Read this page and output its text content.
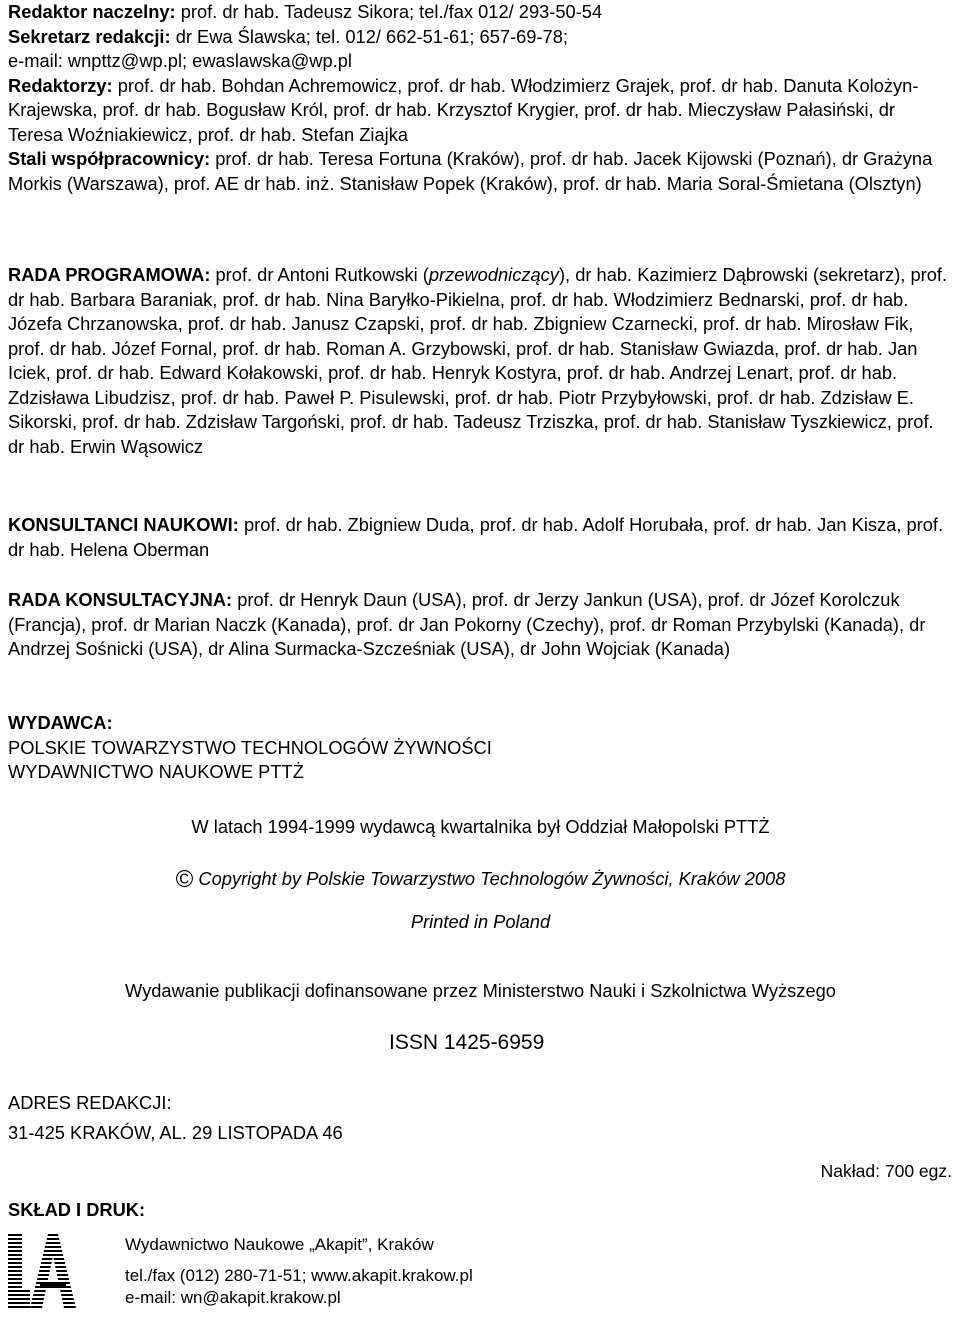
Redaktor naczelny: prof. dr hab. Tadeusz Sikora; tel./fax 012/ 293-50-54
Sekretarz redakcji: dr Ewa Ślawska; tel. 012/ 662-51-61; 657-69-78;
e-mail: wnpttz@wp.pl; ewaslawska@wp.pl
Redaktorzy: prof. dr hab. Bohdan Achremowicz, prof. dr hab. Włodzimierz Grajek, prof. dr hab. Danuta Kolożyn-Krajewska, prof. dr hab. Bogusław Król, prof. dr hab. Krzysztof Krygier, prof. dr hab. Mieczysław Pałasiński, dr Teresa Woźniakiewicz, prof. dr hab. Stefan Ziajka
Stali współpracownicy: prof. dr hab. Teresa Fortuna (Kraków), prof. dr hab. Jacek Kijowski (Poznań), dr Grażyna Morkis (Warszawa), prof. AE dr hab. inż. Stanisław Popek (Kraków), prof. dr hab. Maria Soral-Śmietana (Olsztyn)

RADA PROGRAMOWA: prof. dr Antoni Rutkowski (przewodniczący), dr hab. Kazimierz Dąbrowski (sekretarz), prof. dr hab. Barbara Baraniak, prof. dr hab. Nina Baryłko-Pikielna, prof. dr hab. Włodzimierz Bednarski, prof. dr hab. Józefa Chrzanowska, prof. dr hab. Janusz Czapski, prof. dr hab. Zbigniew Czarnecki, prof. dr hab. Mirosław Fik, prof. dr hab. Józef Fornal, prof. dr hab. Roman A. Grzybowski, prof. dr hab. Stanisław Gwiazda, prof. dr hab. Jan Iciek, prof. dr hab. Edward Kołakowski, prof. dr hab. Henryk Kostyra, prof. dr hab. Andrzej Lenart, prof. dr hab. Zdzisława Libudzisz, prof. dr hab. Paweł P. Pisulewski, prof. dr hab. Piotr Przybyłowski, prof. dr hab. Zdzisław E. Sikorski, prof. dr hab. Zdzisław Targoński, prof. dr hab. Tadeusz Trziszka, prof. dr hab. Stanisław Tyszkiewicz, prof. dr hab. Erwin Wąsowicz

KONSULTANCI NAUKOWI: prof. dr hab. Zbigniew Duda, prof. dr hab. Adolf Horubała, prof. dr hab. Jan Kisza, prof. dr hab. Helena Oberman

RADA KONSULTACYJNA: prof. dr Henryk Daun (USA), prof. dr Jerzy Jankun (USA), prof. dr Józef Korolczuk (Francja), prof. dr Marian Naczk (Kanada), prof. dr Jan Pokorny (Czechy), prof. dr Roman Przybylski (Kanada), dr Andrzej Sośnicki (USA), dr Alina Surmacka-Szcześniak (USA), dr John Wojciak (Kanada)

WYDAWCA:
POLSKIE TOWARZYSTWO TECHNOLOGÓW ŻYWNOŚCI
WYDAWNICTWO NAUKOWE PTTŻ

W latach 1994-1999 wydawcą kwartalnika był Oddział Małopolski PTTŻ

© Copyright by Polskie Towarzystwo Technologów Żywności, Kraków 2008

Printed in Poland

Wydawanie publikacji dofinansowane przez Ministerstwo Nauki i Szkolnictwa Wyższego

ISSN 1425-6959

ADRES REDAKCJI:
31-425 KRAKÓW, AL. 29 LISTOPADA 46

Nakład: 700 egz.

SKŁAD I DRUK:

Wydawnictwo Naukowe „Akapit”, Kraków

tel./fax (012) 280-71-51; www.akapit.krakow.pl
e-mail: wn@akapit.krakow.pl
